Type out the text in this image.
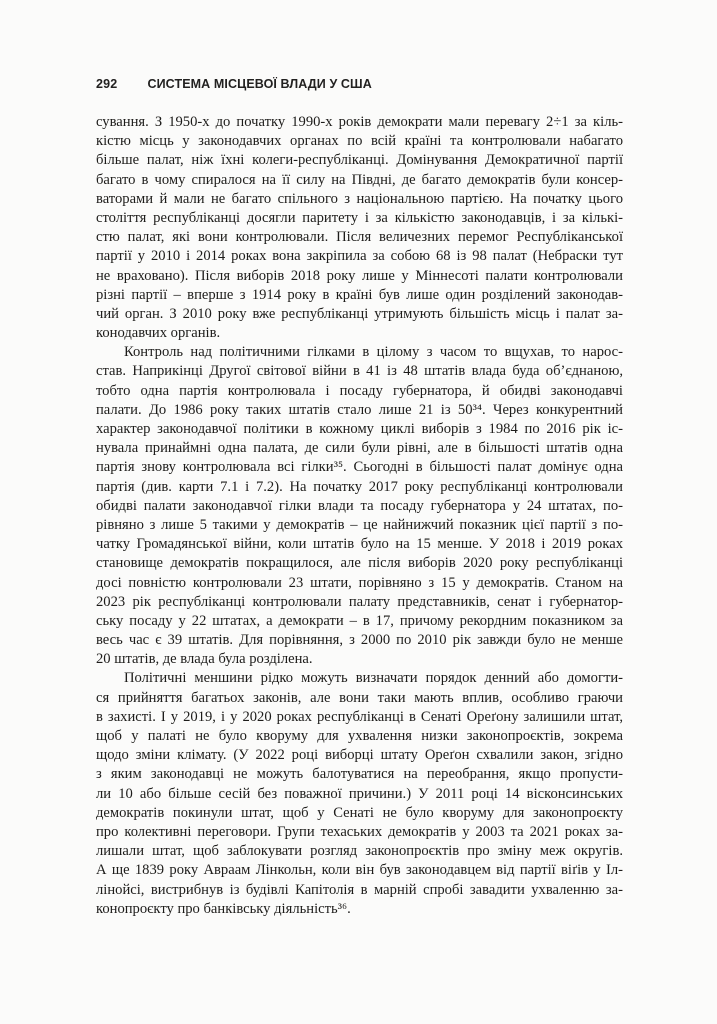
292 СИСТЕМА МІСЦЕВОЇ ВЛАДИ У США
сування. З 1950-х до початку 1990-х років демократи мали перевагу 2÷1 за кіль-
кістю місць у законодавчих органах по всій країні та контролювали набагато
більше палат, ніж їхні колеги-республіканці. Домінування Демократичної партії
багато в чому спиралося на її силу на Півдні, де багато демократів були консер-
ваторами й мали не багато спільного з національною партією. На початку цього
століття республіканці досягли паритету і за кількістю законодавців, і за кількі-
стю палат, які вони контролювали. Після величезних перемог Республіканської
партії у 2010 і 2014 роках вона закріпила за собою 68 із 98 палат (Небраски тут
не враховано). Після виборів 2018 року лише у Міннесоті палати контролювали
різні партії – вперше з 1914 року в країні був лише один розділений законодав-
чий орган. З 2010 року вже республіканці утримують більшість місць і палат за-
конодавчих органів.
Контроль над політичними гілками в цілому з часом то вщухав, то нарос-
став. Наприкінці Другої світової війни в 41 із 48 штатів влада буда об’єднаною,
тобто одна партія контролювала і посаду губернатора, й обидві законодавчі
палати. До 1986 року таких штатів стало лише 21 із 50³⁴. Через конкурентний
характер законодавчої політики в кожному циклі виборів з 1984 по 2016 рік іс-
нувала принаймні одна палата, де сили були рівні, але в більшості штатів одна
партія знову контролювала всі гілки³⁵. Сьогодні в більшості палат домінує одна
партія (див. карти 7.1 і 7.2). На початку 2017 року республіканці контролювали
обидві палати законодавчої гілки влади та посаду губернатора у 24 штатах, по-
рівняно з лише 5 такими у демократів – це найнижчий показник цієї партії з по-
чатку Громадянської війни, коли штатів було на 15 менше. У 2018 і 2019 роках
становище демократів покращилося, але після виборів 2020 року республіканці
досі повністю контролювали 23 штати, порівняно з 15 у демократів. Станом на
2023 рік республіканці контролювали палату представників, сенат і губернатор-
ську посаду у 22 штатах, а демократи – в 17, причому рекордним показником за
весь час є 39 штатів. Для порівняння, з 2000 по 2010 рік завжди було не менше
20 штатів, де влада була розділена.
Політичні меншини рідко можуть визначати порядок денний або домогти-
ся прийняття багатьох законів, але вони таки мають вплив, особливо граючи
в захисті. І у 2019, і у 2020 роках республіканці в Сенаті Ореґону залишили штат,
щоб у палаті не було кворуму для ухвалення низки законопроєктів, зокрема
щодо зміни клімату. (У 2022 році виборці штату Ореґон схвалили закон, згідно
з яким законодавці не можуть балотуватися на переобрання, якщо пропусти-
ли 10 або більше сесій без поважної причини.) У 2011 році 14 вісконсинських
демократів покинули штат, щоб у Сенаті не було кворуму для законопроєкту
про колективні переговори. Групи техаських демократів у 2003 та 2021 роках за-
лишали штат, щоб заблокувати розгляд законопроєктів про зміну меж округів.
А ще 1839 року Авраам Лінкольн, коли він був законодавцем від партії віґів у Іл-
лінойсі, вистрибнув із будівлі Капітолія в марній спробі завадити ухваленню за-
конопроєкту про банківську діяльність³⁶.
